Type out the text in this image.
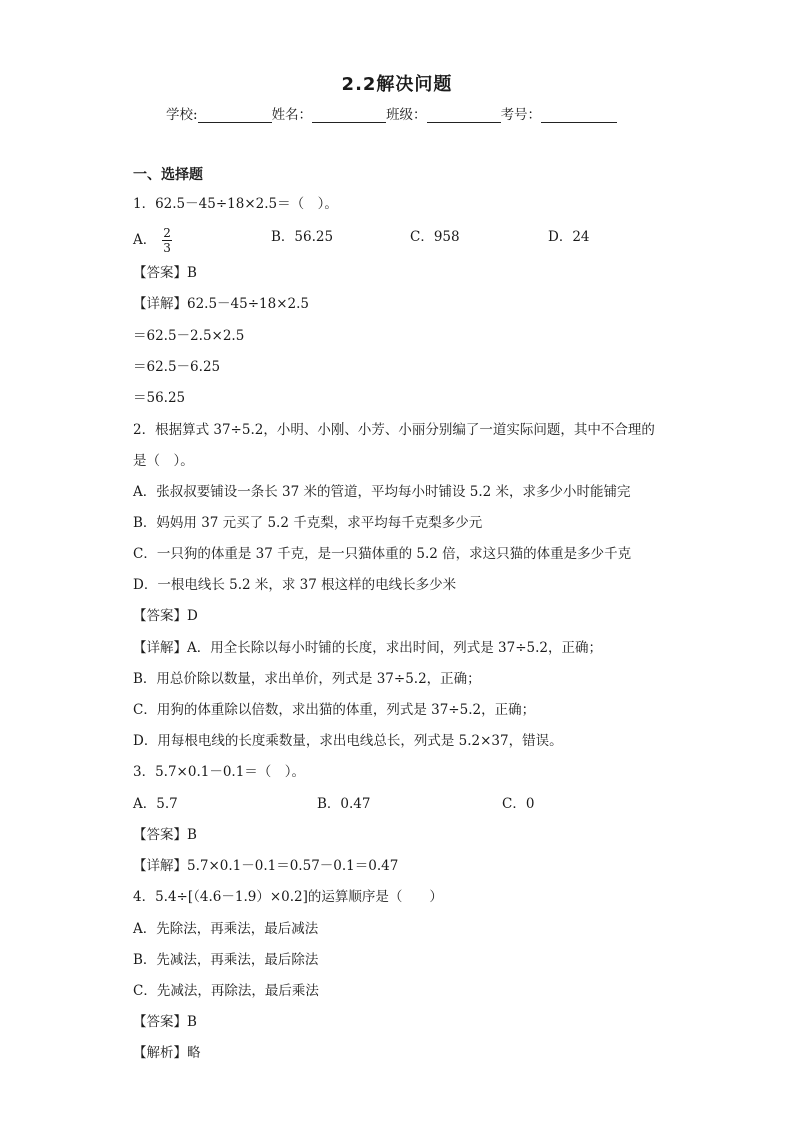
2.2解决问题
学校:	姓名：	班级：	考号：
一、选择题
1．62.5－45÷18×2.5＝（　）。
A． $\frac{2}{3}$	B．56.25	C．958	D．24
【答案】B
【详解】62.5－45÷18×2.5
＝62.5－2.5×2.5
＝62.5－6.25
＝56.25
2．根据算式 37÷5.2，小明、小刚、小芳、小丽分别编了一道实际问题，其中不合理的
是（　）。
A．张叔叔要铺设一条长 37 米的管道，平均每小时铺设 5.2 米，求多少小时能铺完
B．妈妈用 37 元买了 5.2 千克梨，求平均每千克梨多少元
C．一只狗的体重是 37 千克，是一只猫体重的 5.2 倍，求这只猫的体重是多少千克
D．一根电线长 5.2 米，求 37 根这样的电线长多少米
【答案】D
【详解】A．用全长除以每小时铺的长度，求出时间，列式是 37÷5.2，正确；
B．用总价除以数量，求出单价，列式是 37÷5.2，正确；
C．用狗的体重除以倍数，求出猫的体重，列式是 37÷5.2，正确；
D．用每根电线的长度乘数量，求出电线总长，列式是 5.2×37，错误。
3．5.7×0.1－0.1＝（　）。
A．5.7	B．0.47	C．0
【答案】B
【详解】5.7×0.1－0.1＝0.57－0.1＝0.47
4．5.4÷[（4.6－1.9）×0.2]的运算顺序是（　　）
A．先除法，再乘法，最后减法
B．先减法，再乘法，最后除法
C．先减法，再除法，最后乘法
【答案】B
【解析】略
